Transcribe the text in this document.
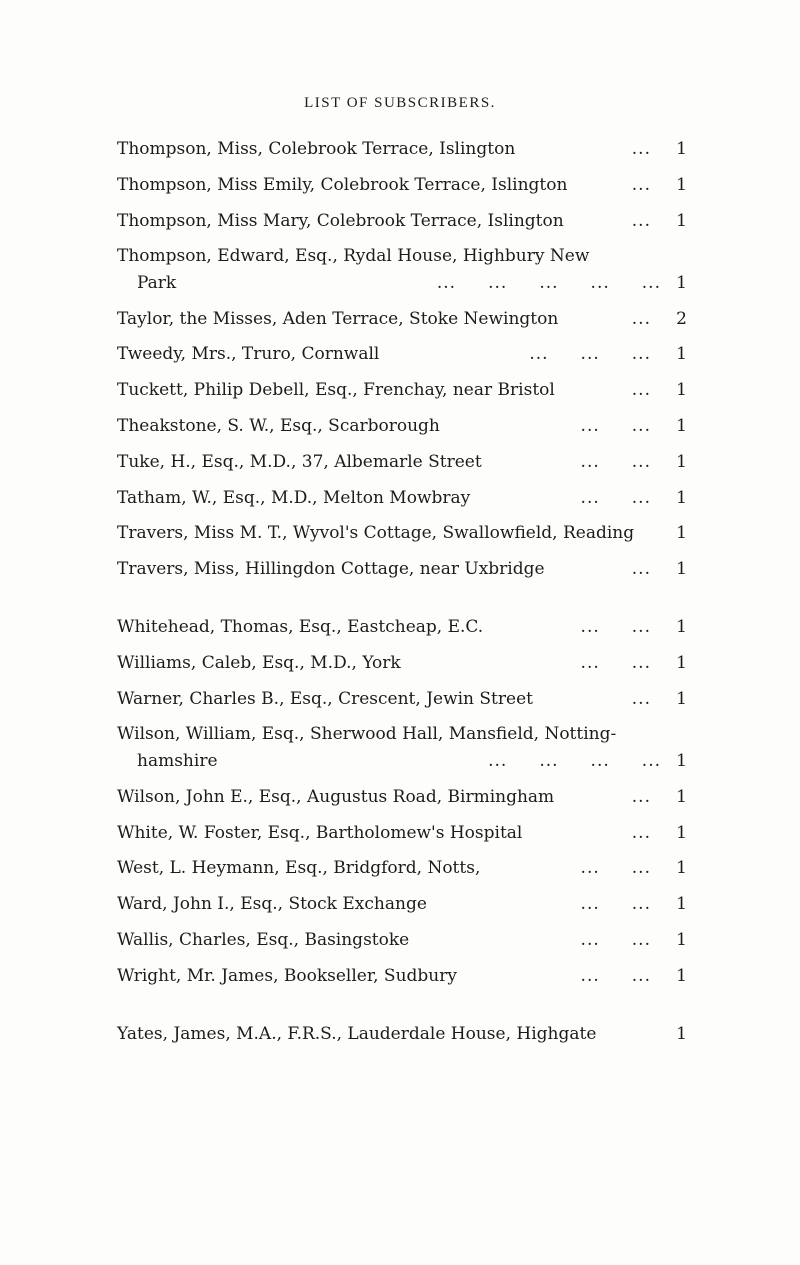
LIST OF SUBSCRIBERS.
Thompson, Miss, Colebrook Terrace, Islington	...	1
Thompson, Miss Emily, Colebrook Terrace, Islington	...	1
Thompson, Miss Mary, Colebrook Terrace, Islington	...	1
Thompson, Edward, Esq., Rydal House, Highbury New
Park	...     ...     ...     ...     ... 1
Taylor, the Misses, Aden Terrace, Stoke Newington	...	2
Tweedy, Mrs., Truro, Cornwall	...     ...     ...	1
Tuckett, Philip Debell, Esq., Frenchay, near Bristol	...	1
Theakstone, S. W., Esq., Scarborough	...     ...	1
Tuke, H., Esq., M.D., 37, Albemarle Street	...     ...	1
Tatham, W., Esq., M.D., Melton Mowbray	...     ...	1
Travers, Miss M. T., Wyvol's Cottage, Swallowfield, Reading	1
Travers, Miss, Hillingdon Cottage, near Uxbridge	...	1
Whitehead, Thomas, Esq., Eastcheap, E.C.	...     ...	1
Williams, Caleb, Esq., M.D., York	...     ...	1
Warner, Charles B., Esq., Crescent, Jewin Street	...	1
Wilson, William, Esq., Sherwood Hall, Mansfield, Notting-
hamshire	...     ...     ...     ... 1
Wilson, John E., Esq., Augustus Road, Birmingham	...	1
White, W. Foster, Esq., Bartholomew's Hospital	...	1
West, L. Heymann, Esq., Bridgford, Notts,	...     ...	1
Ward, John I., Esq., Stock Exchange	...     ...	1
Wallis, Charles, Esq., Basingstoke	...     ...	1
Wright, Mr. James, Bookseller, Sudbury	...     ...	1
Yates, James, M.A., F.R.S., Lauderdale House, Highgate	1
